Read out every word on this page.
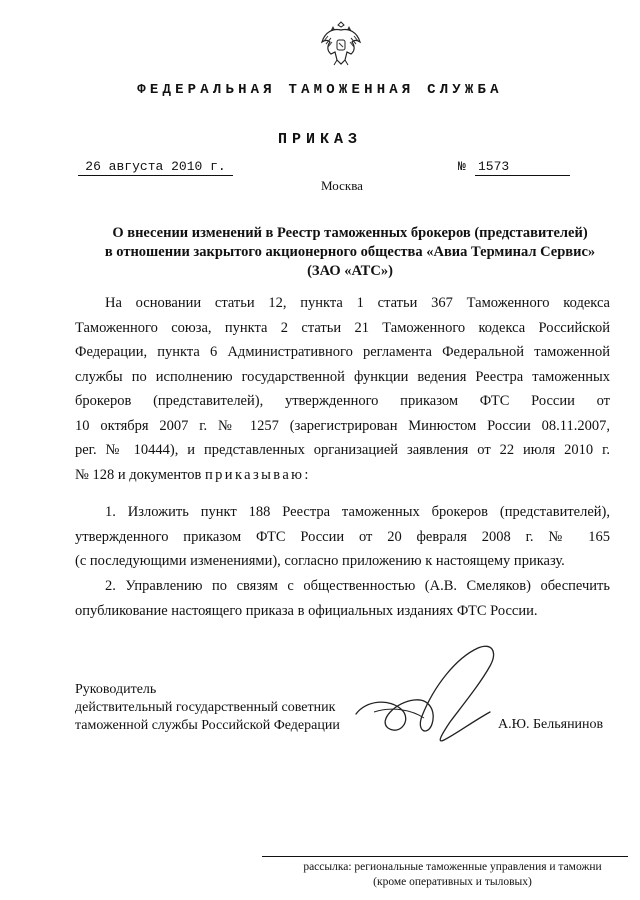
ФЕДЕРАЛЬНАЯ ТАМОЖЕННАЯ СЛУЖБА
ПРИКАЗ
26 августа 2010 г.	№ 1573
Москва
О внесении изменений в Реестр таможенных брокеров (представителей)
в отношении закрытого акционерного общества «Авиа Терминал Сервис»
(ЗАО «АТС»)
На основании статьи 12, пункта 1 статьи 367 Таможенного кодекса
Таможенного союза, пункта 2 статьи 21 Таможенного кодекса Российской
Федерации, пункта 6 Административного регламента Федеральной таможенной
службы по исполнению государственной функции ведения Реестра таможенных
брокеров (представителей), утвержденного приказом ФТС России от
10 октября 2007 г. № 1257 (зарегистрирован Минюстом России 08.11.2007,
рег. № 10444), и представленных организацией заявления от 22 июля 2010 г.
№ 128 и документов приказываю:
1. Изложить пункт 188 Реестра таможенных брокеров (представителей),
утвержденного приказом ФТС России от 20 февраля 2008 г. № 165
(с последующими изменениями), согласно приложению к настоящему приказу.
2. Управлению по связям с общественностью (А.В. Смеляков) обеспечить
опубликование настоящего приказа в официальных изданиях ФТС России.
Руководитель
действительный государственный советник
таможенной службы Российской Федерации	А.Ю. Бельянинов
рассылка: региональные таможенные управления и таможни
(кроме оперативных и тыловых)
